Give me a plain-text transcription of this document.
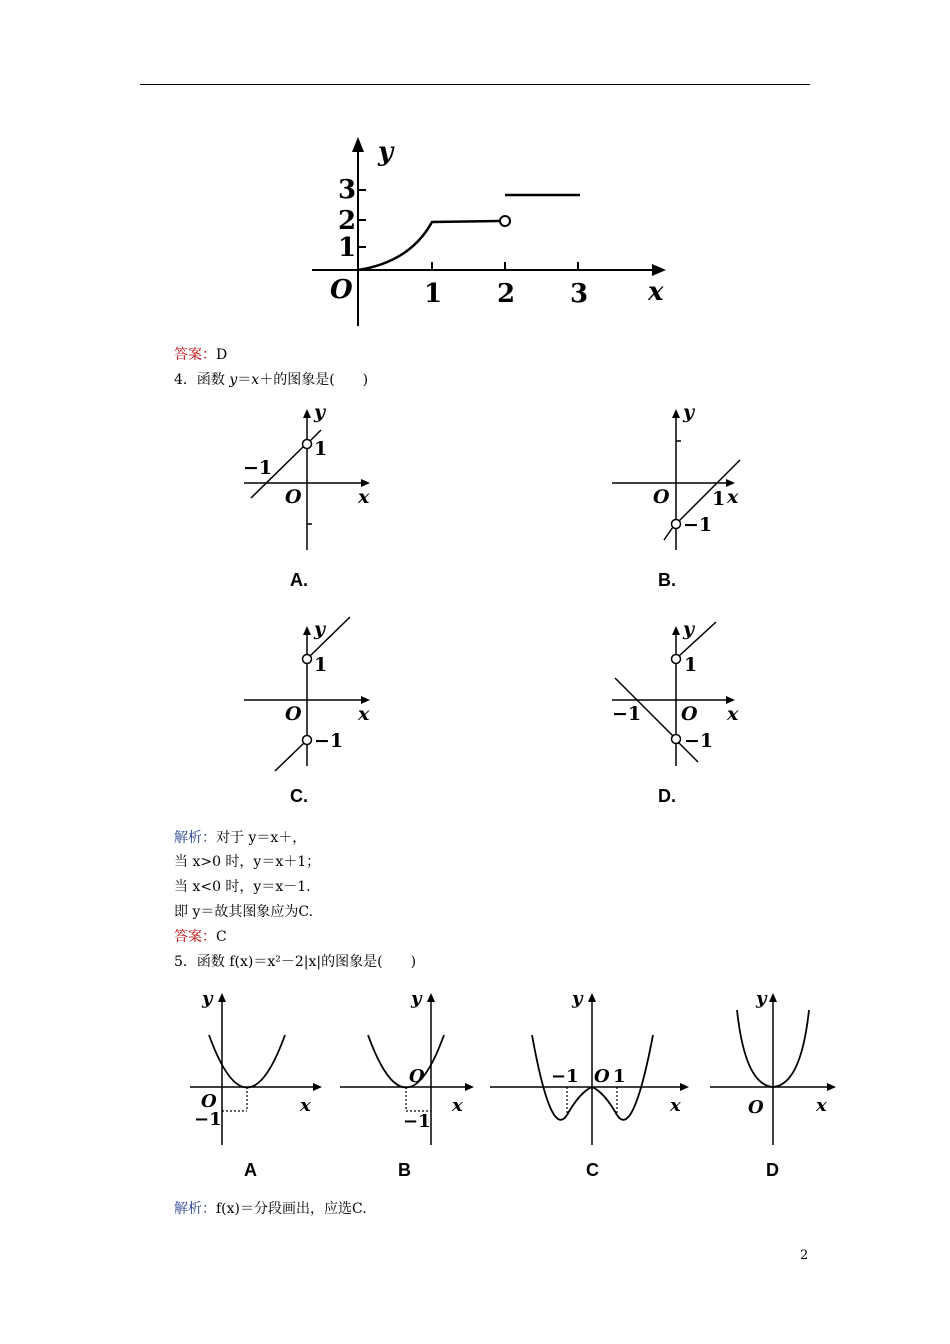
y
x
O
1
2
3
1 2 3
答案：D
4．函数 y＝x＋的图象是(　　)
y
x
O
−1
1
A.
y
x
O 1
−1
B.
y
x
O
1
−1
C.
y
x
O
−1
1
−1
D.
解析：对于 y＝x＋，
当 x>0 时，y＝x＋1；
当 x<0 时，y＝x－1.
即 y＝故其图象应为C.
答案：C
5．函数 f(x)＝x²－2|x|的图象是(　　)
y
x
O
−1
A
y
x
O
−1
B
y
x
O
−1 1
C
y
x
O
D
解析：f(x)＝分段画出，应选C.
2
